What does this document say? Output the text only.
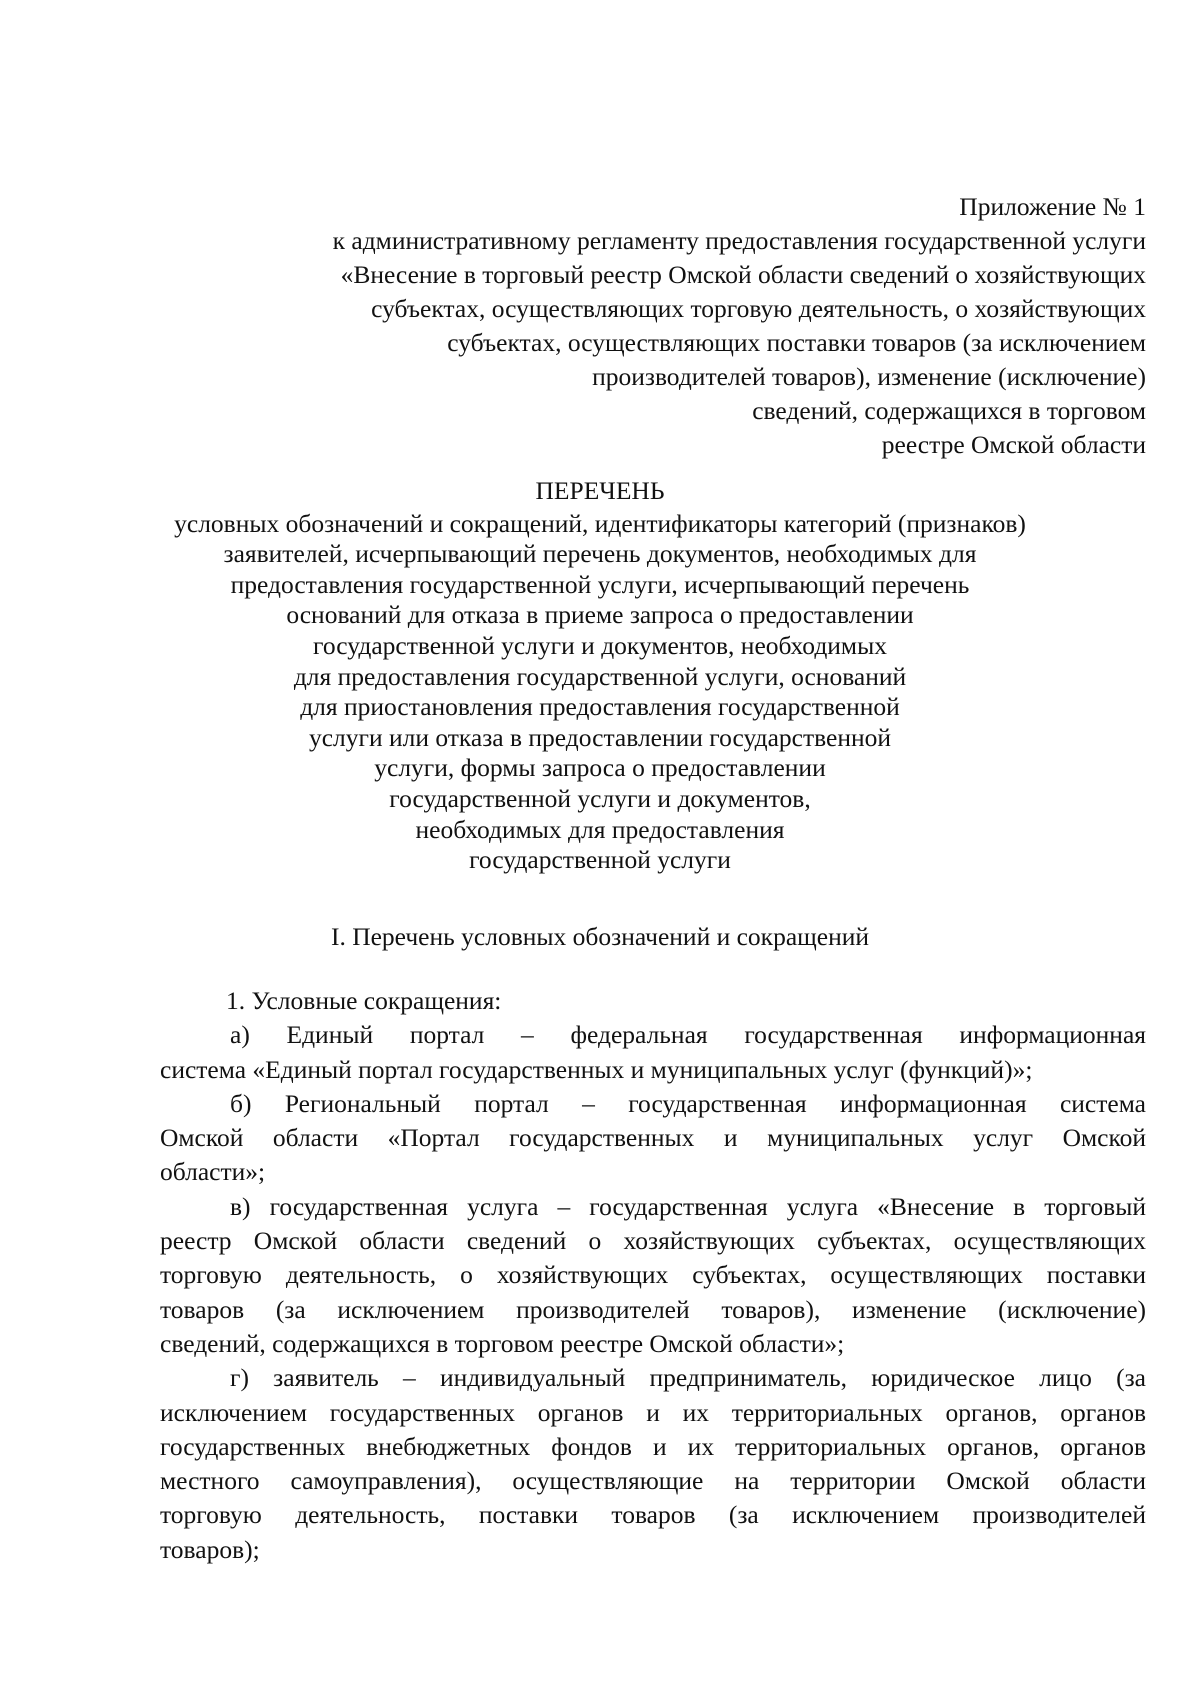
Приложение № 1
к административному регламенту предоставления государственной услуги
«Внесение в торговый реестр Омской области сведений о хозяйствующих
субъектах, осуществляющих торговую деятельность, о хозяйствующих
субъектах, осуществляющих поставки товаров (за исключением
производителей товаров), изменение (исключение)
сведений, содержащихся в торговом
реестре Омской области
ПЕРЕЧЕНЬ
условных обозначений и сокращений, идентификаторы категорий (признаков)
заявителей, исчерпывающий перечень документов, необходимых для
предоставления государственной услуги, исчерпывающий перечень
оснований для отказа в приеме запроса о предоставлении
государственной услуги и документов, необходимых
для предоставления государственной услуги, оснований
для приостановления предоставления государственной
услуги или отказа в предоставлении государственной
услуги, формы запроса о предоставлении
государственной услуги и документов,
необходимых для предоставления
государственной услуги
I. Перечень условных обозначений и сокращений

1. Условные сокращения:

а) Единый портал – федеральная государственная информационная
система «Единый портал государственных и муниципальных услуг (функций)»;

б) Региональный портал – государственная информационная система
Омской области «Портал государственных и муниципальных услуг Омской
области»;

в) государственная услуга – государственная услуга «Внесение в торговый
реестр Омской области сведений о хозяйствующих субъектах, осуществляющих
торговую деятельность, о хозяйствующих субъектах, осуществляющих поставки
товаров (за исключением производителей товаров), изменение (исключение)
сведений, содержащихся в торговом реестре Омской области»;

г) заявитель – индивидуальный предприниматель, юридическое лицо (за
исключением государственных органов и их территориальных органов, органов
государственных внебюджетных фондов и их территориальных органов, органов
местного самоуправления), осуществляющие на территории Омской области
торговую деятельность, поставки товаров (за исключением производителей
товаров);
